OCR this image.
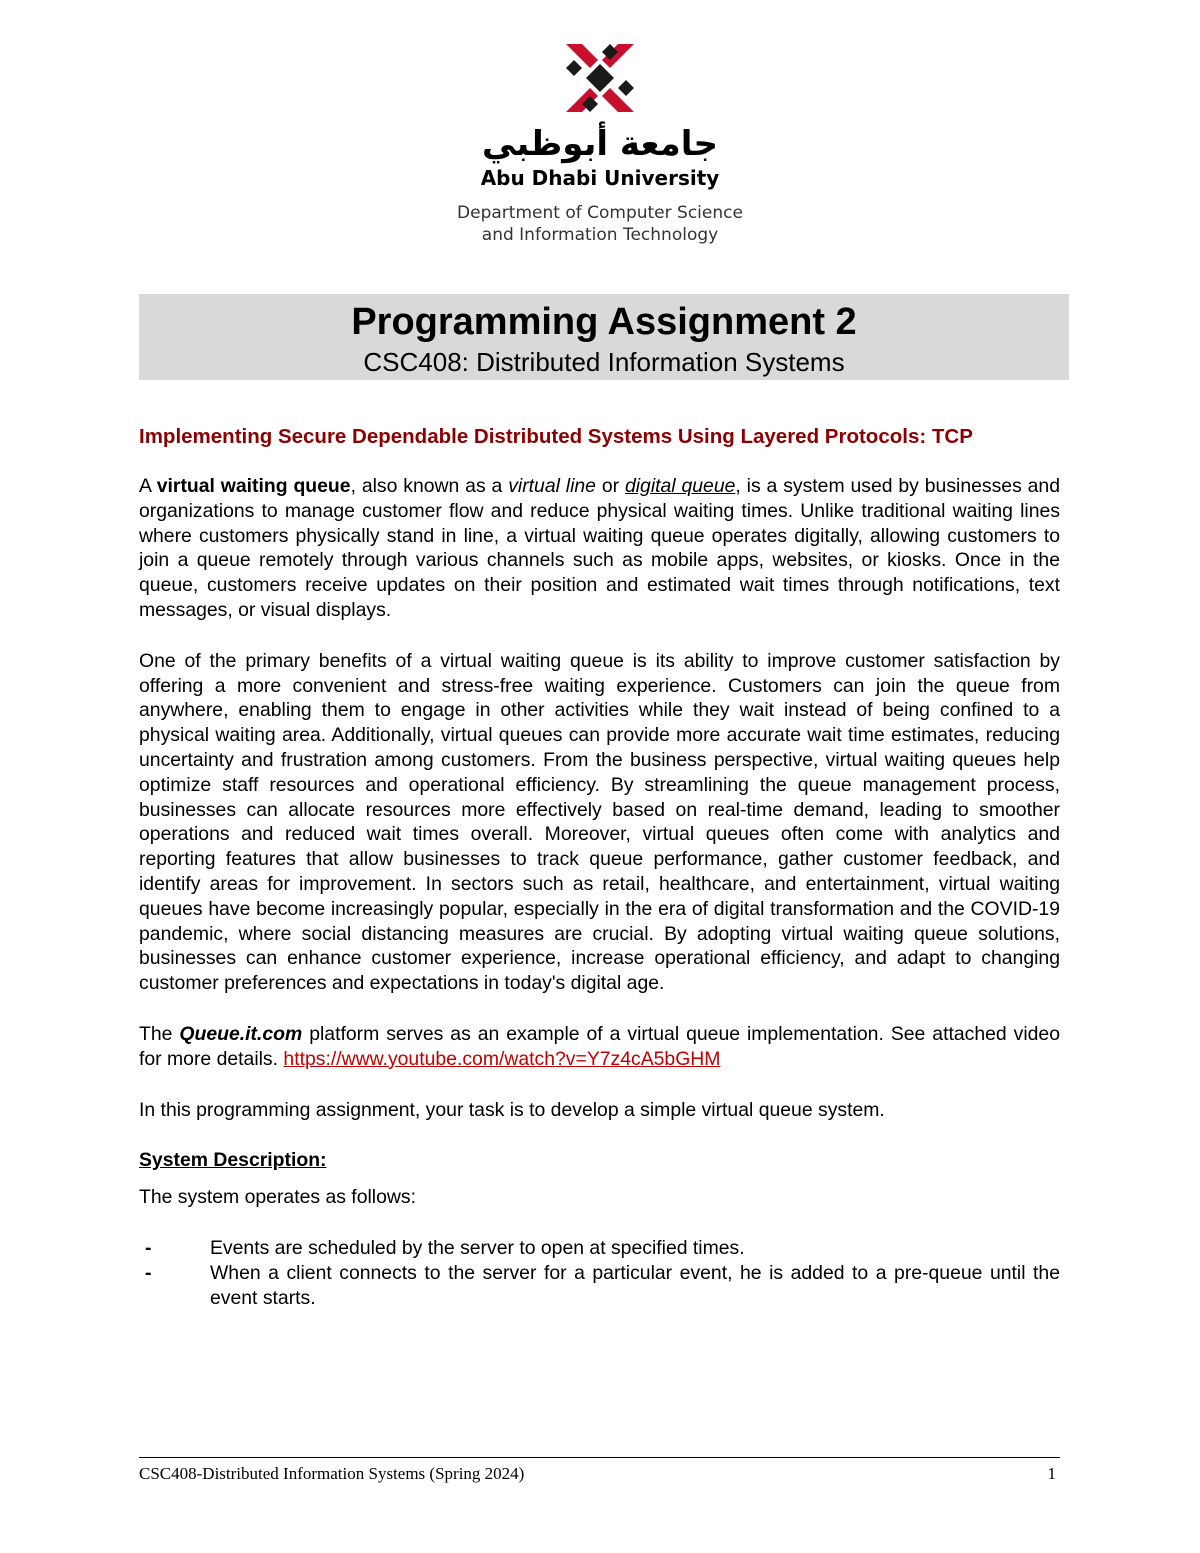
جامعة أبوظبي
Abu Dhabi University
Department of Computer Science
and Information Technology
Programming Assignment 2
CSC408: Distributed Information Systems
Implementing Secure Dependable Distributed Systems Using Layered Protocols: TCP

A virtual waiting queue, also known as a virtual line or digital queue, is a system used by businesses and organizations to manage customer flow and reduce physical waiting times. Unlike traditional waiting lines where customers physically stand in line, a virtual waiting queue operates digitally, allowing customers to join a queue remotely through various channels such as mobile apps, websites, or kiosks. Once in the queue, customers receive updates on their position and estimated wait times through notifications, text messages, or visual displays.

One of the primary benefits of a virtual waiting queue is its ability to improve customer satisfaction by offering a more convenient and stress-free waiting experience. Customers can join the queue from anywhere, enabling them to engage in other activities while they wait instead of being confined to a physical waiting area. Additionally, virtual queues can provide more accurate wait time estimates, reducing uncertainty and frustration among customers. From the business perspective, virtual waiting queues help optimize staff resources and operational efficiency. By streamlining the queue management process, businesses can allocate resources more effectively based on real-time demand, leading to smoother operations and reduced wait times overall. Moreover, virtual queues often come with analytics and reporting features that allow businesses to track queue performance, gather customer feedback, and identify areas for improvement. In sectors such as retail, healthcare, and entertainment, virtual waiting queues have become increasingly popular, especially in the era of digital transformation and the COVID-19 pandemic, where social distancing measures are crucial. By adopting virtual waiting queue solutions, businesses can enhance customer experience, increase operational efficiency, and adapt to changing customer preferences and expectations in today's digital age.

The Queue.it.com platform serves as an example of a virtual queue implementation. See attached video for more details. https://www.youtube.com/watch?v=Y7z4cA5bGHM

In this programming assignment, your task is to develop a simple virtual queue system.

System Description:

The system operates as follows:

- Events are scheduled by the server to open at specified times.
- When a client connects to the server for a particular event, he is added to a pre-queue until the event starts.
CSC408-Distributed Information Systems (Spring 2024)	1
